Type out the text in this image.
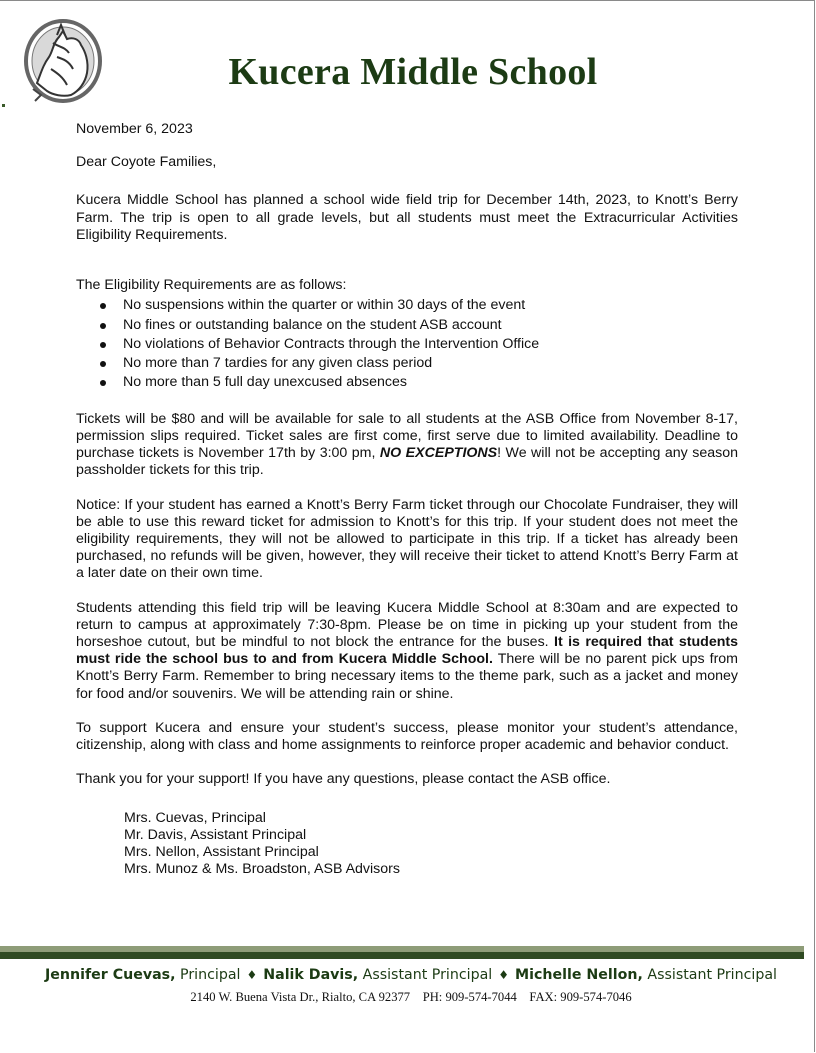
Kucera Middle School

November 6, 2023

Dear Coyote Families,

Kucera Middle School has planned a school wide field trip for December 14th, 2023, to Knott’s Berry Farm. The trip is open to all grade levels, but all students must meet the Extracurricular Activities Eligibility Requirements.

The Eligibility Requirements are as follows:

No suspensions within the quarter or within 30 days of the event
No fines or outstanding balance on the student ASB account
No violations of Behavior Contracts through the Intervention Office
No more than 7 tardies for any given class period
No more than 5 full day unexcused absences

Tickets will be $80 and will be available for sale to all students at the ASB Office from November 8-17, permission slips required. Ticket sales are first come, first serve due to limited availability. Deadline to purchase tickets is November 17th by 3:00 pm, NO EXCEPTIONS! We will not be accepting any season passholder tickets for this trip.

Notice: If your student has earned a Knott’s Berry Farm ticket through our Chocolate Fundraiser, they will be able to use this reward ticket for admission to Knott’s for this trip. If your student does not meet the eligibility requirements, they will not be allowed to participate in this trip. If a ticket has already been purchased, no refunds will be given, however, they will receive their ticket to attend Knott’s Berry Farm at a later date on their own time.

Students attending this field trip will be leaving Kucera Middle School at 8:30am and are expected to return to campus at approximately 7:30-8pm. Please be on time in picking up your student from the horseshoe cutout, but be mindful to not block the entrance for the buses. It is required that students must ride the school bus to and from Kucera Middle School. There will be no parent pick ups from Knott’s Berry Farm. Remember to bring necessary items to the theme park, such as a jacket and money for food and/or souvenirs. We will be attending rain or shine.

To support Kucera and ensure your student’s success, please monitor your student’s attendance, citizenship, along with class and home assignments to reinforce proper academic and behavior conduct.

Thank you for your support! If you have any questions, please contact the ASB office.

Mrs. Cuevas, Principal
Mr. Davis, Assistant Principal
Mrs. Nellon, Assistant Principal
Mrs. Munoz & Ms. Broadston, ASB Advisors
Jennifer Cuevas, Principal ♦ Nalik Davis, Assistant Principal ♦ Michelle Nellon, Assistant Principal
2140 W. Buena Vista Dr., Rialto, CA 92377    PH: 909-574-7044    FAX: 909-574-7046
